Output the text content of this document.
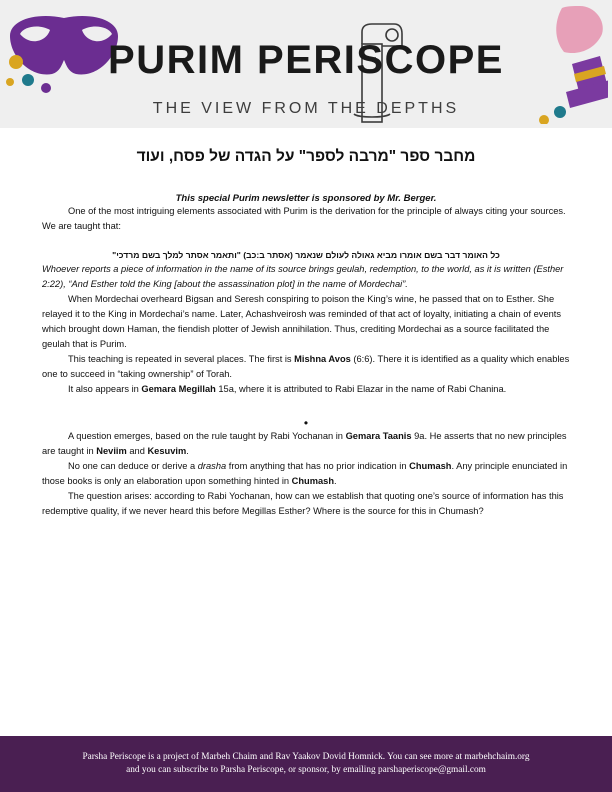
PURIM PERISCOPE
THE VIEW FROM THE DEPTHS
מחבר ספר "מרבה לספר" על הגדה של פסח, ועוד
This special Purim newsletter is sponsored by Mr. Berger.

One of the most intriguing elements associated with Purim is the derivation for the principle of always citing your sources. We are taught that:

כל האומר דבר בשם אומרו מביא גאולה לעולם שנאמר (אסתר ב:כב) "ותאמר אסתר למלך בשם מרדכי"
Whoever reports a piece of information in the name of its source brings geulah, redemption, to the world, as it is written (Esther 2:22), “And Esther told the King [about the assassination plot] in the name of Mordechai”.

When Mordechai overheard Bigsan and Seresh conspiring to poison the King’s wine, he passed that on to Esther. She relayed it to the King in Mordechai’s name. Later, Achashveirosh was reminded of that act of loyalty, initiating a chain of events which brought down Haman, the fiendish plotter of Jewish annihilation. Thus, crediting Mordechai as a source facilitated the geulah that is Purim.

This teaching is repeated in several places. The first is Mishna Avos (6:6). There it is identified as a quality which enables one to succeed in “taking ownership” of Torah.

It also appears in Gemara Megillah 15a, where it is attributed to Rabi Elazar in the name of Rabi Chanina.

•

A question emerges, based on the rule taught by Rabi Yochanan in Gemara Taanis 9a. He asserts that no new principles are taught in Neviim and Kesuvim.

No one can deduce or derive a drasha from anything that has no prior indication in Chumash. Any principle enunciated in those books is only an elaboration upon something hinted in Chumash.

The question arises: according to Rabi Yochanan, how can we establish that quoting one’s source of information has this redemptive quality, if we never heard this before Megillas Esther? Where is the source for this in Chumash?

Parsha Periscope is a project of Marbeh Chaim and Rav Yaakov Dovid Homnick. You can see more at marbehchaim.org
and you can subscribe to Parsha Periscope, or sponsor, by emailing parshaperiscope@gmail.com
